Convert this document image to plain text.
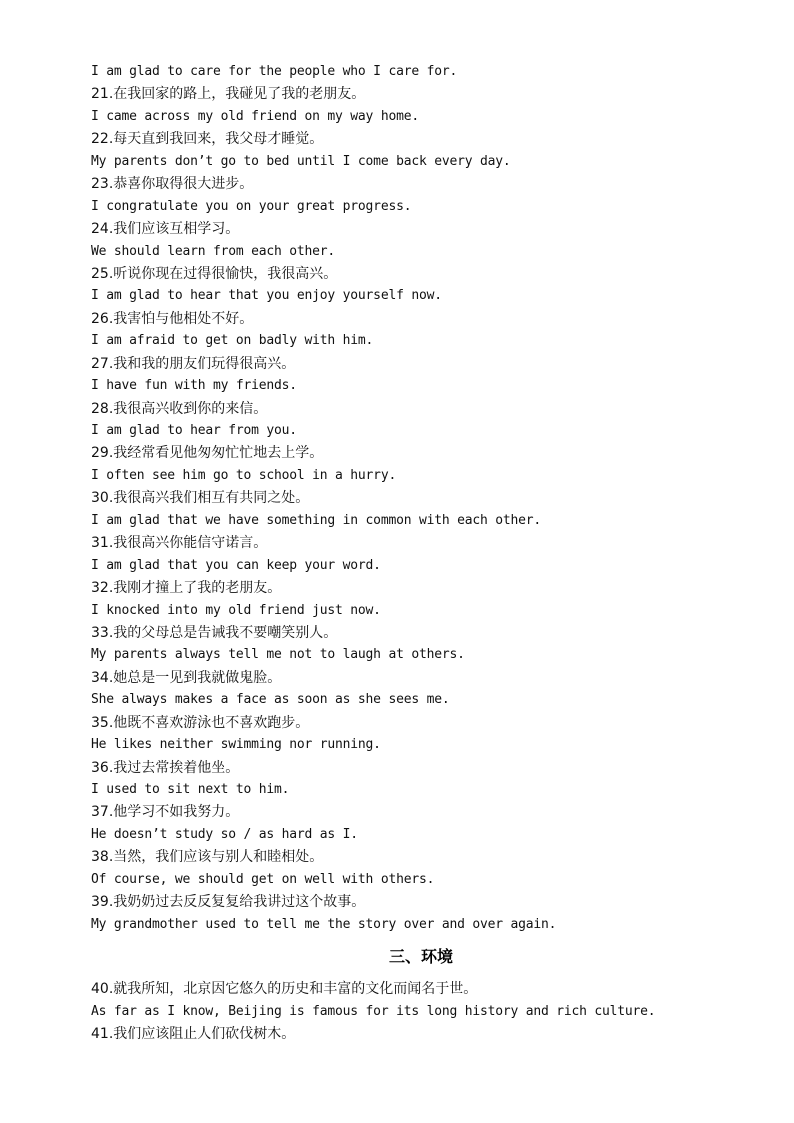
I am glad to care for the people who I care for.
21.在我回家的路上，我碰见了我的老朋友。
I came across my old friend on my way home.
22.每天直到我回来，我父母才睡觉。
My parents don’t go to bed until I come back every day.
23.恭喜你取得很大进步。
I congratulate you on your great progress.
24.我们应该互相学习。
We should learn from each other.
25.听说你现在过得很愉快，我很高兴。
I am glad to hear that you enjoy yourself now.
26.我害怕与他相处不好。
I am afraid to get on badly with him.
27.我和我的朋友们玩得很高兴。
I have fun with my friends.
28.我很高兴收到你的来信。
I am glad to hear from you.
29.我经常看见他匆匆忙忙地去上学。
I often see him go to school in a hurry.
30.我很高兴我们相互有共同之处。
I am glad that we have something in common with each other.
31.我很高兴你能信守诺言。
I am glad that you can keep your word.
32.我刚才撞上了我的老朋友。
I knocked into my old friend just now.
33.我的父母总是告诫我不要嘲笑别人。
My parents always tell me not to laugh at others.
34.她总是一见到我就做鬼脸。
She always makes a face as soon as she sees me.
35.他既不喜欢游泳也不喜欢跑步。
He likes neither swimming nor running.
36.我过去常挨着他坐。
I used to sit next to him.
37.他学习不如我努力。
He doesn’t study so / as hard as I.
38.当然，我们应该与别人和睦相处。
Of course, we should get on well with others.
39.我奶奶过去反反复复给我讲过这个故事。
My grandmother used to tell me the story over and over again.
三、环境
40.就我所知，北京因它悠久的历史和丰富的文化而闻名于世。
As far as I know, Beijing is famous for its long history and rich culture.
41.我们应该阻止人们砍伐树木。
